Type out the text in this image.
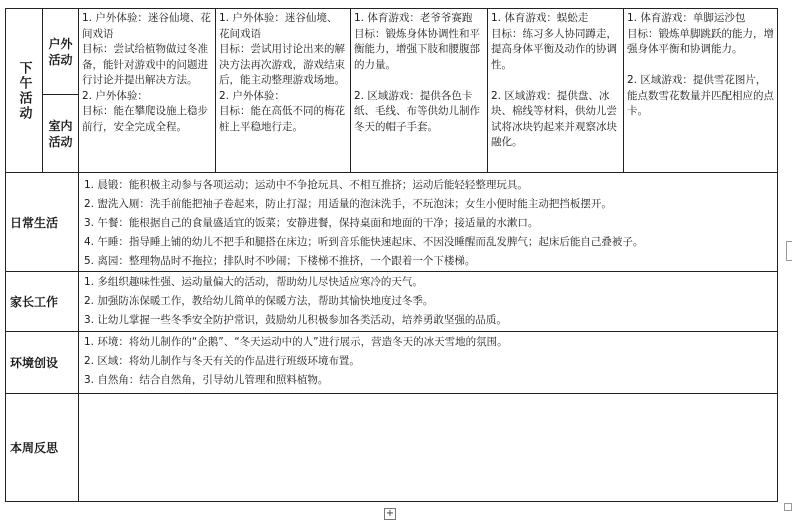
下午活动
户外活动
室内活动
1. 户外体验：迷谷仙境、花间戏语
目标：尝试给植物做过冬准备，能针对游戏中的问题进行讨论并提出解决方法。
2. 户外体验：
目标：能在攀爬设施上稳步前行，安全完成全程。
1. 户外体验：迷谷仙境、花间戏语
目标：尝试用讨论出来的解决方法再次游戏，游戏结束后，能主动整理游戏场地。
2. 户外体验：
目标：能在高低不同的梅花桩上平稳地行走。
1. 体育游戏：老爷爷赛跑
目标：锻炼身体协调性和平衡能力，增强下肢和腰腹部的力量。

2. 区域游戏：提供各色卡纸、毛线、布等供幼儿制作冬天的帽子手套。
1. 体育游戏：蜈蚣走
目标：练习多人协同蹲走，提高身体平衡及动作的协调性。

2. 区域游戏：提供盘、冰块、棉线等材料，供幼儿尝试将冰块钓起来并观察冰块融化。
1. 体育游戏：单脚运沙包
目标：锻炼单脚跳跃的能力，增强身体平衡和协调能力。

2. 区域游戏：提供雪花图片，能点数雪花数量并匹配相应的点卡。
日常生活
1. 晨锻：能积极主动参与各项运动；运动中不争抢玩具、不相互推挤；运动后能轻轻整理玩具。
2. 盥洗入厕：洗手前能把袖子卷起来，防止打湿；用适量的泡沫洗手，不玩泡沫；女生小便时能主动把挡板摆开。
3. 午餐：能根据自己的食量盛适宜的饭菜；安静进餐，保持桌面和地面的干净；接适量的水漱口。
4. 午睡：指导睡上铺的幼儿不把手和腿搭在床边；听到音乐能快速起床、不因没睡醒而乱发脾气；起床后能自己叠被子。
5. 离园：整理物品时不拖拉；排队时不吵闹；下楼梯不推挤，一个跟着一个下楼梯。
家长工作
1. 多组织趣味性强、运动量偏大的活动，帮助幼儿尽快适应寒冷的天气。
2. 加强防冻保暖工作，教给幼儿简单的保暖方法，帮助其愉快地度过冬季。
3. 让幼儿掌握一些冬季安全防护常识，鼓励幼儿积极参加各类活动，培养勇敢坚强的品质。
环境创设
1. 环境：将幼儿制作的“企鹅”、“冬天运动中的人”进行展示，营造冬天的冰天雪地的氛围。
2. 区域：将幼儿制作与冬天有关的作品进行班级环境布置。
3. 自然角：结合自然角，引导幼儿管理和照料植物。
本周反思
+
